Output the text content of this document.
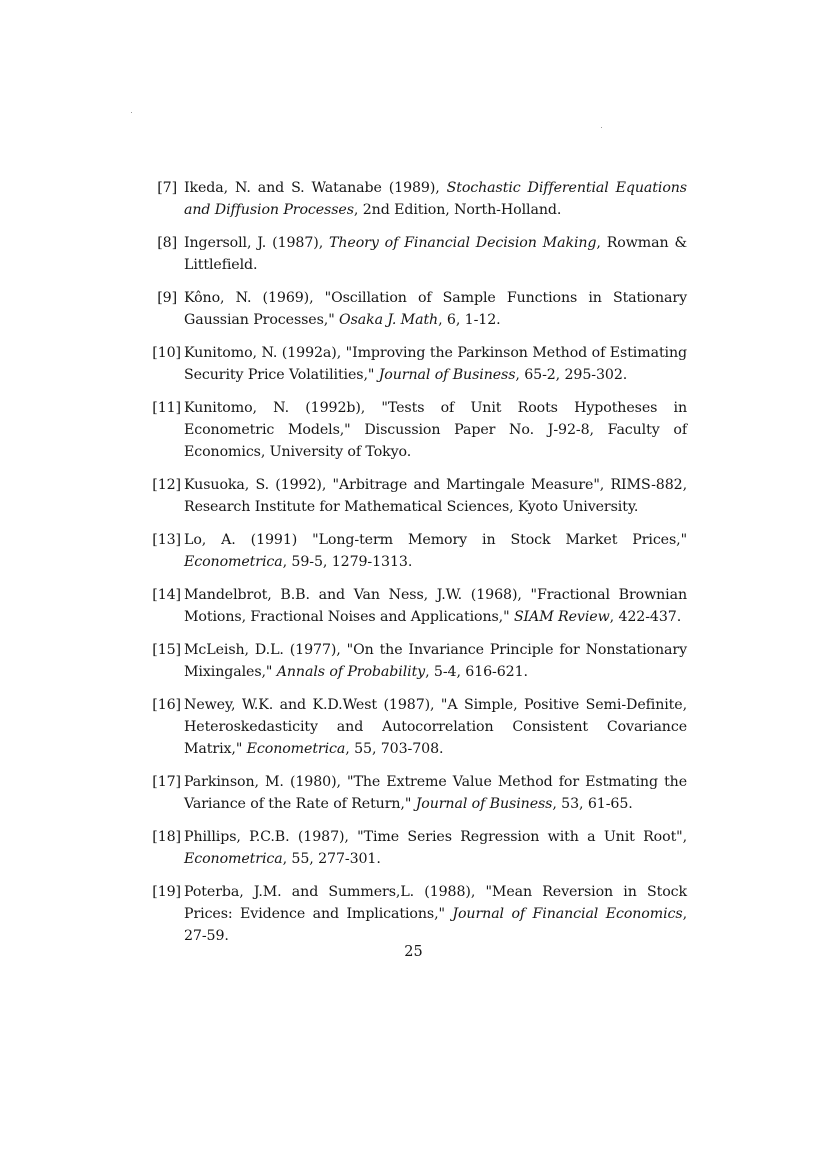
[7] Ikeda, N. and S. Watanabe (1989), Stochastic Differential Equations and Diffusion Processes, 2nd Edition, North-Holland.
[8] Ingersoll, J. (1987), Theory of Financial Decision Making, Rowman & Littlefield.
[9] Kôno, N. (1969), "Oscillation of Sample Functions in Stationary Gaussian Processes," Osaka J. Math, 6, 1-12.
[10] Kunitomo, N. (1992a), "Improving the Parkinson Method of Estimating Security Price Volatilities," Journal of Business, 65-2, 295-302.
[11] Kunitomo, N. (1992b), "Tests of Unit Roots Hypotheses in Econometric Models," Discussion Paper No. J-92-8, Faculty of Economics, University of Tokyo.
[12] Kusuoka, S. (1992), "Arbitrage and Martingale Measure", RIMS-882, Research Institute for Mathematical Sciences, Kyoto University.
[13] Lo, A. (1991) "Long-term Memory in Stock Market Prices," Econometrica, 59-5, 1279-1313.
[14] Mandelbrot, B.B. and Van Ness, J.W. (1968), "Fractional Brownian Motions, Fractional Noises and Applications," SIAM Review, 422-437.
[15] McLeish, D.L. (1977), "On the Invariance Principle for Nonstationary Mixingales," Annals of Probability, 5-4, 616-621.
[16] Newey, W.K. and K.D.West (1987), "A Simple, Positive Semi-Definite, Heteroskedasticity and Autocorrelation Consistent Covariance Matrix," Econometrica, 55, 703-708.
[17] Parkinson, M. (1980), "The Extreme Value Method for Estmating the Variance of the Rate of Return," Journal of Business, 53, 61-65.
[18] Phillips, P.C.B. (1987), "Time Series Regression with a Unit Root", Econometrica, 55, 277-301.
[19] Poterba, J.M. and Summers,L. (1988), "Mean Reversion in Stock Prices: Evidence and Implications," Journal of Financial Economics, 27-59.
25
